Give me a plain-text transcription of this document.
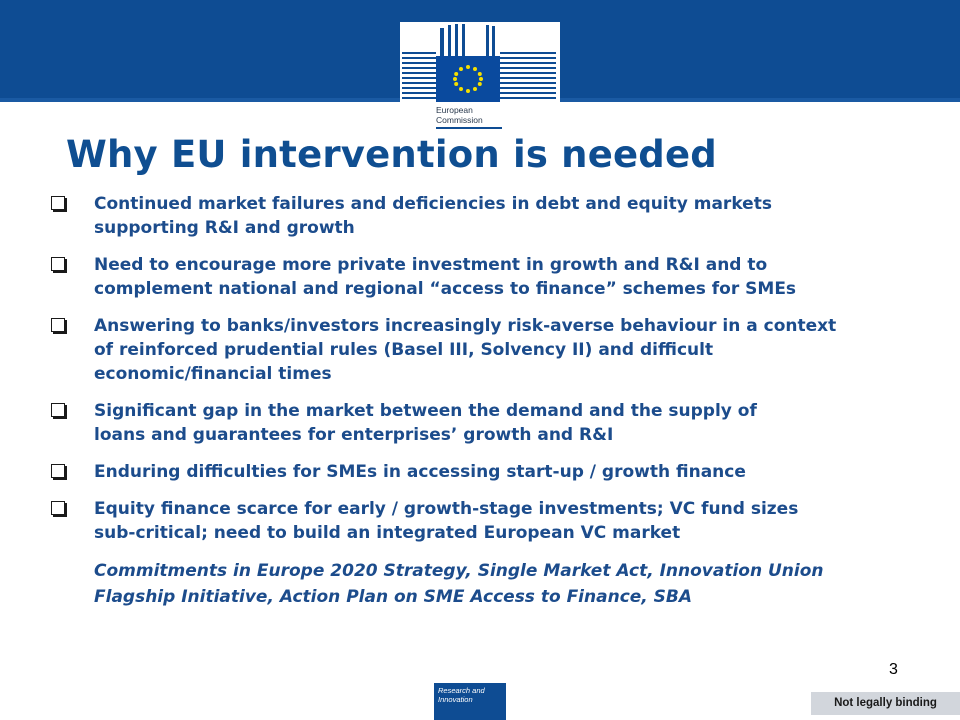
European
Commission
Why EU intervention is needed

Continued market failures and deficiencies in debt and equity markets
supporting R&I and growth

Need to encourage more private investment in growth and R&I and to
complement national and regional “access to finance” schemes for SMEs

Answering to banks/investors increasingly risk-averse behaviour in a context
of reinforced prudential rules (Basel III, Solvency II) and difficult
economic/financial times

Significant gap in the market between the demand and the supply of
loans and guarantees for enterprises’ growth and R&I

Enduring difficulties for SMEs in accessing start-up / growth finance

Equity finance scarce for early / growth-stage investments; VC fund sizes
sub-critical; need to build an integrated European VC market

Commitments in Europe 2020 Strategy, Single Market Act, Innovation Union
Flagship Initiative, Action Plan on SME Access to Finance, SBA

3
Research and
Innovation	Not legally binding
